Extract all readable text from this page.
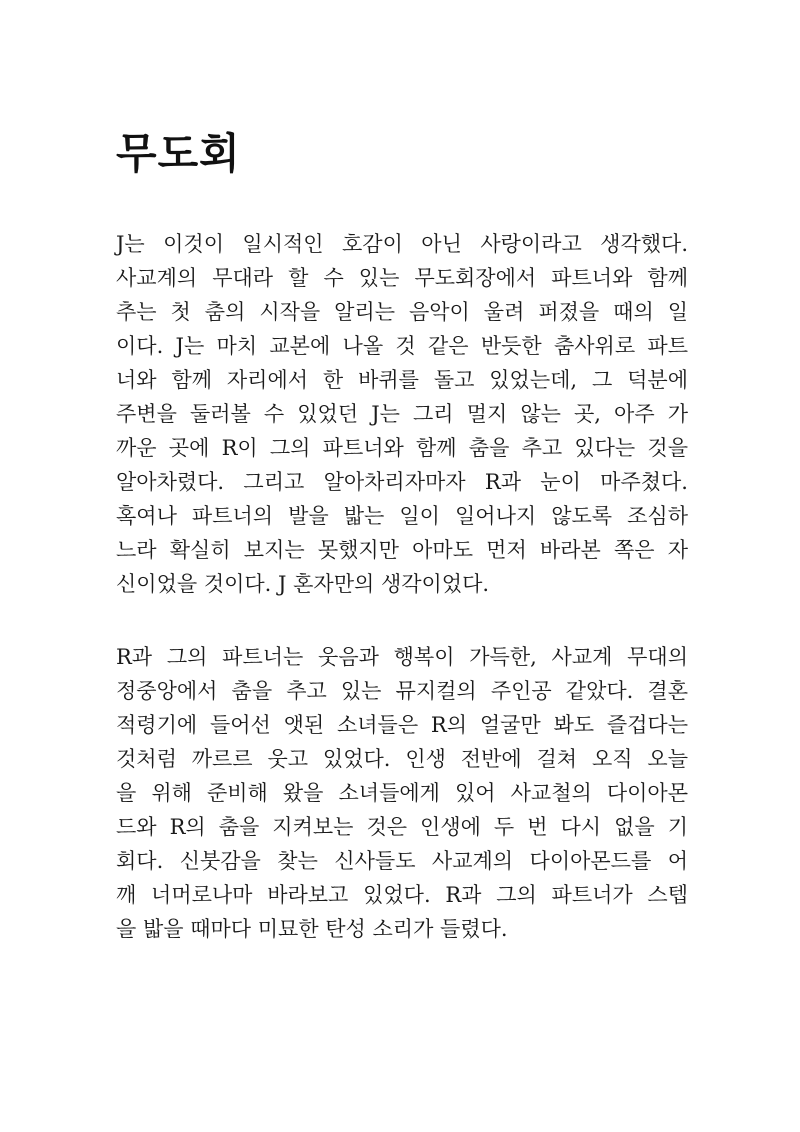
무도회
J는 이것이 일시적인 호감이 아닌 사랑이라고 생각했다.
사교계의 무대라 할 수 있는 무도회장에서 파트너와 함께
추는 첫 춤의 시작을 알리는 음악이 울려 퍼졌을 때의 일
이다. J는 마치 교본에 나올 것 같은 반듯한 춤사위로 파트
너와 함께 자리에서 한 바퀴를 돌고 있었는데, 그 덕분에
주변을 둘러볼 수 있었던 J는 그리 멀지 않는 곳, 아주 가
까운 곳에 R이 그의 파트너와 함께 춤을 추고 있다는 것을
알아차렸다. 그리고 알아차리자마자 R과 눈이 마주쳤다.
혹여나 파트너의 발을 밟는 일이 일어나지 않도록 조심하
느라 확실히 보지는 못했지만 아마도 먼저 바라본 쪽은 자
신이었을 것이다. J 혼자만의 생각이었다.
R과 그의 파트너는 웃음과 행복이 가득한, 사교계 무대의
정중앙에서 춤을 추고 있는 뮤지컬의 주인공 같았다. 결혼
적령기에 들어선 앳된 소녀들은 R의 얼굴만 봐도 즐겁다는
것처럼 까르르 웃고 있었다. 인생 전반에 걸쳐 오직 오늘
을 위해 준비해 왔을 소녀들에게 있어 사교철의 다이아몬
드와 R의 춤을 지켜보는 것은 인생에 두 번 다시 없을 기
회다. 신붓감을 찾는 신사들도 사교계의 다이아몬드를 어
깨 너머로나마 바라보고 있었다. R과 그의 파트너가 스텝
을 밟을 때마다 미묘한 탄성 소리가 들렸다.
